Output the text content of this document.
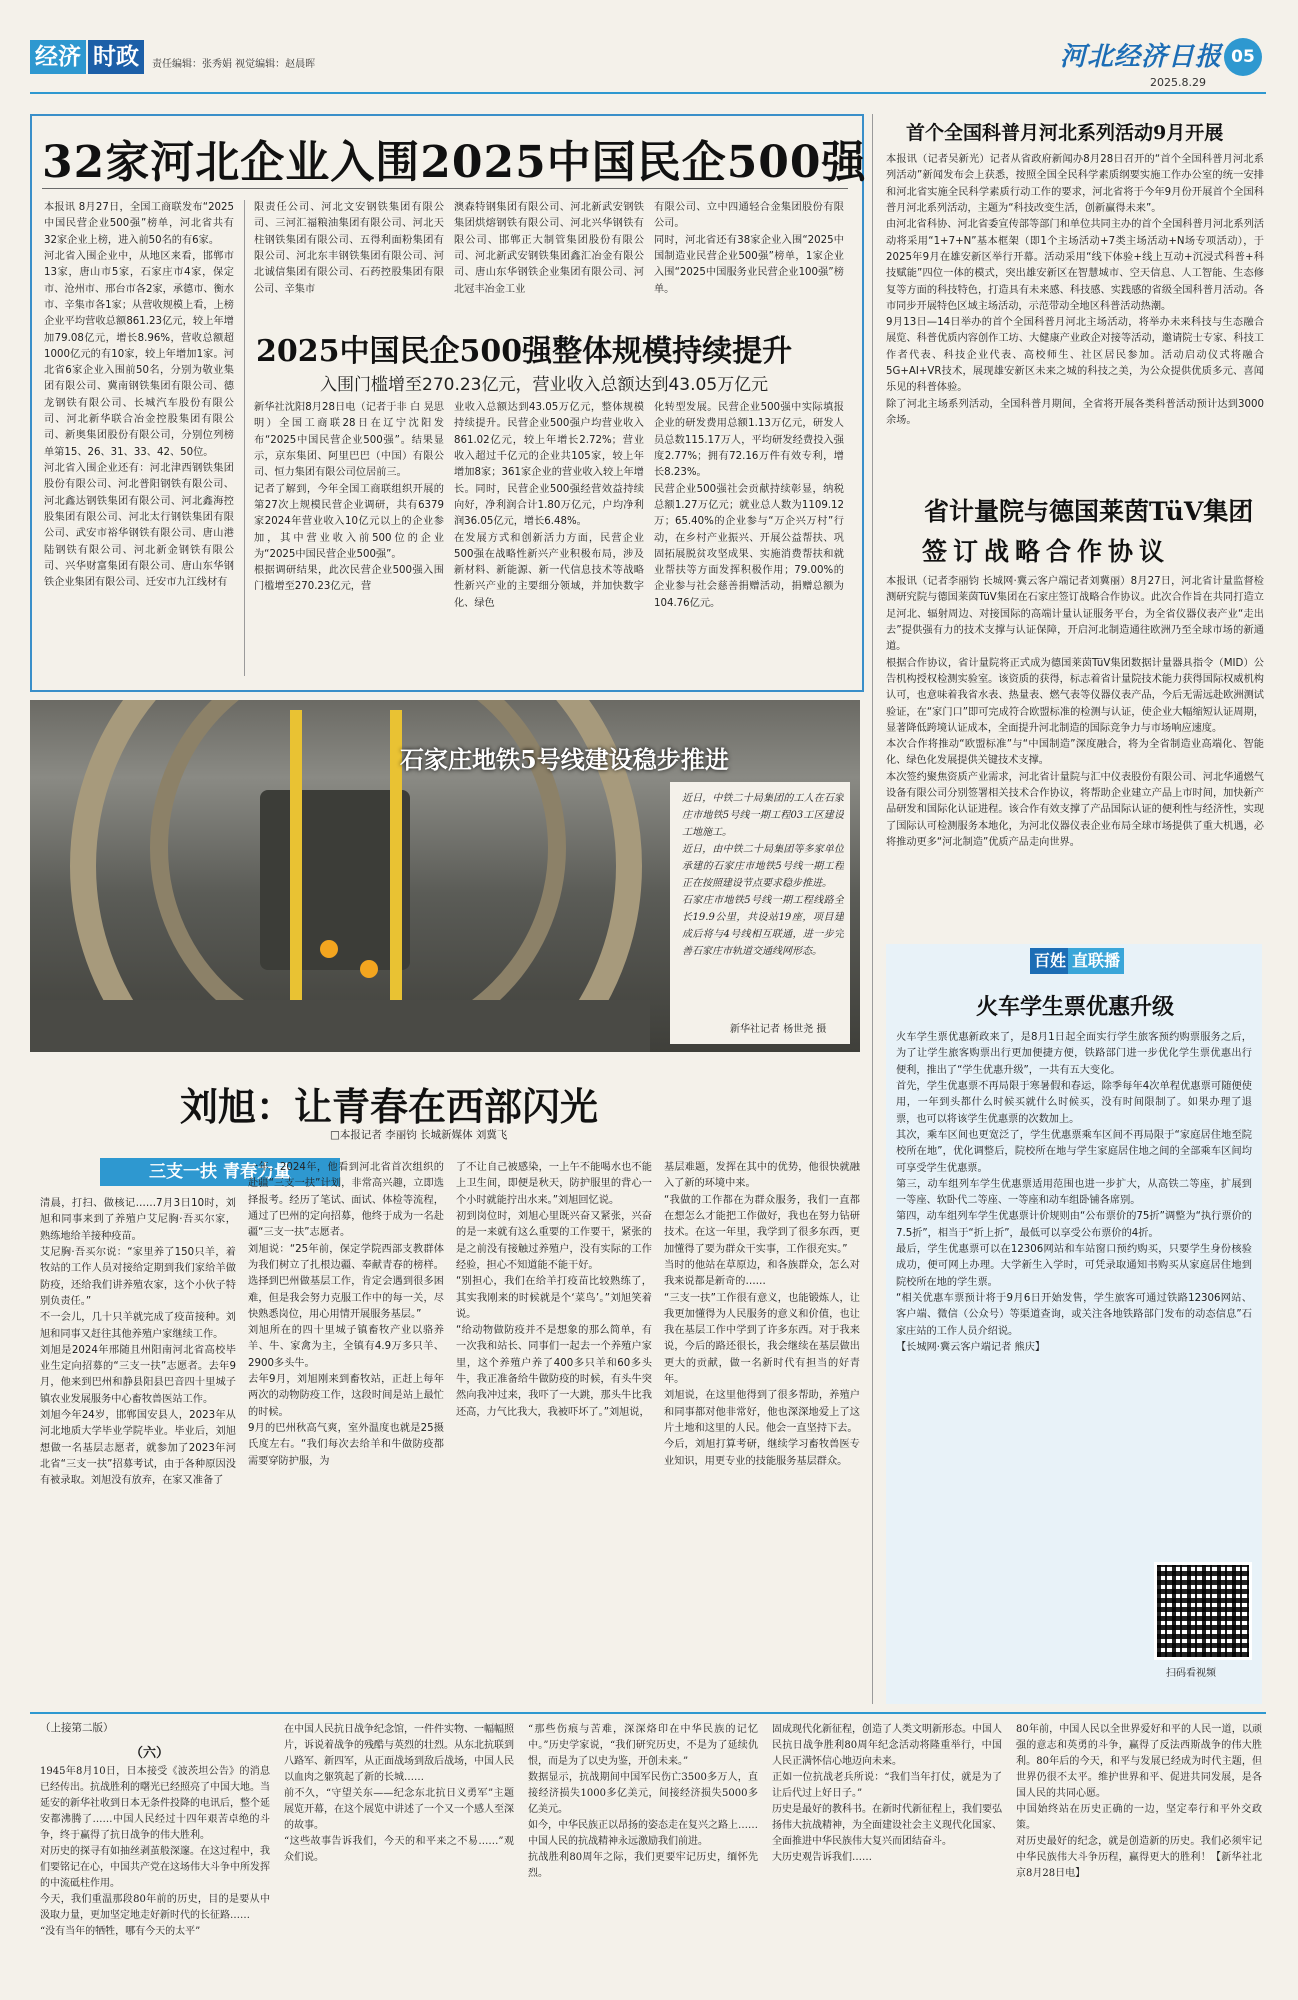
经济 时政	责任编辑：张秀娟 视觉编辑：赵晨晖	河北经济日报 05
2025.8.29
32家河北企业入围2025中国民企500强
本报讯 8月27日，全国工商联发布“2025中国民营企业500强”榜单，河北省共有32家企业上榜，进入前50名的有6家。
河北省入围企业中，从地区来看，邯郸市13家，唐山市5家，石家庄市4家，保定市、沧州市、邢台市各2家，承德市、衡水市、辛集市各1家；从营收规模上看，上榜企业平均营收总额861.23亿元，较上年增加79.08亿元，增长8.96%，营收总额超1000亿元的有10家，较上年增加1家。河北省6家企业入围前50名，分别为敬业集团有限公司、冀南钢铁集团有限公司、德龙钢铁有限公司、长城汽车股份有限公司、河北新华联合冶金控股集团有限公司、新奥集团股份有限公司，分别位列榜单第15、26、31、33、42、50位。
河北省入围企业还有：河北津西钢铁集团股份有限公司、河北普阳钢铁有限公司、河北鑫达钢铁集团有限公司、河北鑫海控股集团有限公司、河北太行钢铁集团有限公司、武安市裕华钢铁有限公司、唐山港陆钢铁有限公司、河北新金钢铁有限公司、兴华财富集团有限公司、唐山东华钢铁企业集团有限公司、迁安市九江线材有
限责任公司、河北文安钢铁集团有限公司、三河汇福粮油集团有限公司、河北天柱钢铁集团有限公司、五得利面粉集团有限公司、河北东丰钢铁集团有限公司、河北诚信集团有限公司、石药控股集团有限公司、辛集市
澳森特钢集团有限公司、河北新武安钢铁集团烘熔钢铁有限公司、河北兴华钢铁有限公司、邯郸正大制管集团股份有限公司、河北新武安钢铁集团鑫汇冶金有限公司、唐山东华钢铁企业集团有限公司、河北冠丰冶金工业
有限公司、立中四通轻合金集团股份有限公司。
同时，河北省还有38家企业入围“2025中国制造业民营企业500强”榜单，1家企业入围“2025中国服务业民营企业100强”榜单。
2025中国民企500强整体规模持续提升
入围门槛增至270.23亿元，营业收入总额达到43.05万亿元
新华社沈阳8月28日电（记者于非 白 晃思明）全国工商联28日在辽宁沈阳发布“2025中国民营企业500强”。结果显示，京东集团、阿里巴巴（中国）有限公司、恒力集团有限公司位居前三。
记者了解到，今年全国工商联组织开展的第27次上规模民营企业调研，共有6379家2024年营业收入10亿元以上的企业参加，其中营业收入前500位的企业为“2025中国民营企业500强”。
根据调研结果，此次民营企业500强入围门槛增至270.23亿元，营
业收入总额达到43.05万亿元，整体规模持续提升。民营企业500强户均营业收入861.02亿元，较上年增长2.72%；营业收入超过千亿元的企业共105家，较上年增加8家；361家企业的营业收入较上年增长。同时，民营企业500强经营效益持续向好，净利润合计1.80万亿元，户均净利润36.05亿元，增长6.48%。
在发展方式和创新活力方面，民营企业500强在战略性新兴产业积极布局，涉及新材料、新能源、新一代信息技术等战略性新兴产业的主要细分领域，并加快数字化、绿色
化转型发展。民营企业500强中实际填报企业的研发费用总额1.13万亿元，研发人员总数115.17万人，平均研发经费投入强度2.77%；拥有72.16万件有效专利，增长8.23%。
民营企业500强社会贡献持续彰显，纳税总额1.27万亿元；就业总人数为1109.12万；65.40%的企业参与“万企兴万村”行动，在乡村产业振兴、开展公益帮扶、巩固拓展脱贫攻坚成果、实施消费帮扶和就业帮扶等方面发挥积极作用；79.00%的企业参与社会慈善捐赠活动，捐赠总额为104.76亿元。
石家庄地铁5号线建设稳步推进
近日，中铁二十局集团的工人在石家庄市地铁5号线一期工程03工区建设工地施工。
近日，由中铁二十局集团等多家单位承建的石家庄市地铁5号线一期工程正在按照建设节点要求稳步推进。
石家庄市地铁5号线一期工程线路全长19.9公里，共设站19座，项目建成后将与4号线相互联通，进一步完善石家庄市轨道交通线网形态。
新华社记者 杨世尧 摄
刘旭：让青春在西部闪光
□本报记者 李丽钧 长城新媒体 刘冀飞
三支一扶 青春力量
清晨，打扫、做核记……7月3日10时，刘旭和同事来到了养殖户艾尼胸·吾买尔家，熟练地给羊接种疫苗。
艾尼胸·吾买尔说：“家里养了150只羊，着牧站的工作人员对接给定期到我们家给羊做防疫，还给我们讲养殖农家，这个小伙子特别负责任。”
不一会儿，几十只羊就完成了疫苗接种。刘旭和同事又赶往其他养殖户家继续工作。
刘旭是2024年邢随且州阳南河北省高校毕业生定向招募的“三支一扶”志愿者。去年9月，他来到巴州和静县阳县巴音四十里城子镇农业发展服务中心畜牧兽医站工作。
刘旭今年24岁，邯郸国安县人，2023年从河北地质大学毕业学院毕业。毕业后，刘旭想做一名基层志愿者，就参加了2023年河北省“三支一扶”招募考试，由于各种原因没有被录取。刘旭没有放弃，在家又准备了
一年。2024年，他看到河北省首次组织的赴疆“三支一扶”计划，非常高兴趣，立即选择报考。经历了笔试、面试、体检等流程，通过了巴州的定向招募，他终于成为一名赴疆“三支一扶”志愿者。
刘旭说：“25年前，保定学院西部支教群体为我们树立了扎根边疆、奉献青春的榜样。选择到巴州做基层工作，肯定会遇到很多困难，但是我会努力克服工作中的每一关，尽快熟悉岗位，用心用情开展服务基层。”
刘旭所在的四十里城子镇畜牧产业以骆养羊、牛、家禽为主，全镇有4.9万多只羊、2900多头牛。
去年9月，刘旭刚来到畜牧站，正赶上每年两次的动物防疫工作，这段时间是站上最忙的时候。
9月的巴州秋高气爽，室外温度也就是25摄氏度左右。“我们每次去给羊和牛做防疫都需要穿防护服，为
了不让自己被感染，一上午不能喝水也不能上卫生间，即便是秋天，防护服里的背心一个小时就能拧出水来。”刘旭回忆说。
初到岗位时，刘旭心里既兴奋又紧张，兴奋的是一来就有这么重要的工作要干，紧张的是之前没有接触过养殖户，没有实际的工作经验，担心不知道能不能干好。
“别担心，我们在给羊打疫苗比较熟练了，其实我刚来的时候就是个‘菜鸟’。”刘旭笑着说。
“给动物做防疫并不是想象的那么简单，有一次我和站长、同事们一起去一个养殖户家里，这个养殖户养了400多只羊和60多头牛，我正准备给牛做防疫的时候，有头牛突然向我冲过来，我吓了一大跳，那头牛比我还高，力气比我大，我被吓坏了。”刘旭说，
基层难题，发挥在其中的优势，他很快就融入了新的环境中来。
“我做的工作都在为群众服务，我们一直都在想怎么才能把工作做好，我也在努力钻研技术。在这一年里，我学到了很多东西，更加懂得了要为群众干实事，工作很充实。”
当时的他站在草原边，和各族群众，怎么对我来说都是新奇的……
“三支一扶”工作很有意义，也能锻炼人，让我更加懂得为人民服务的意义和价值，也让我在基层工作中学到了许多东西。对于我来说，今后的路还很长，我会继续在基层做出更大的贡献，做一名新时代有担当的好青年。
刘旭说，在这里他得到了很多帮助，养殖户和同事都对他非常好，他也深深地爱上了这片土地和这里的人民。他会一直坚持下去。
今后，刘旭打算考研，继续学习畜牧兽医专业知识，用更专业的技能服务基层群众。
首个全国科普月河北系列活动9月开展
本报讯（记者吴新光）记者从省政府新闻办8月28日召开的“首个全国科普月河北系列活动”新闻发布会上获悉，按照全国全民科学素质纲要实施工作办公室的统一安排和河北省实施全民科学素质行动工作的要求，河北省将于今年9月份开展首个全国科普月河北系列活动，主题为“科技改变生活，创新赢得未来”。
由河北省科协、河北省委宣传部等部门和单位共同主办的首个全国科普月河北系列活动将采用“1+7+N”基本框架（即1个主场活动+7类主场活动+N场专项活动），于2025年9月在雄安新区举行开幕。活动采用“线下体验+线上互动+沉浸式科普+科技赋能”四位一体的模式，突出雄安新区在智慧城市、空天信息、人工智能、生态修复等方面的科技特色，打造具有未来感、科技感、实践感的省级全国科普月活动。各市同步开展特色区域主场活动，示范带动全地区科普活动热潮。
9月13日—14日举办的首个全国科普月河北主场活动，将举办未来科技与生态融合展览、科普优质内容创作工坊、大健康产业政企对接等活动，邀请院士专家、科技工作者代表、科技企业代表、高校师生、社区居民参加。活动启动仪式将融合5G+AI+VR技术，展现雄安新区未来之城的科技之美，为公众提供优质多元、喜闻乐见的科普体验。
除了河北主场系列活动，全国科普月期间，全省将开展各类科普活动预计达到3000余场。
省计量院与德国莱茵TüV集团
签订战略合作协议
本报讯（记者李丽钧 长城网·冀云客户端记者刘冀丽）8月27日，河北省计量监督检测研究院与德国莱茵TüV集团在石家庄签订战略合作协议。此次合作旨在共同打造立足河北、辐射周边、对接国际的高端计量认证服务平台，为全省仪器仪表产业“走出去”提供强有力的技术支撑与认证保障，开启河北制造通往欧洲乃至全球市场的新通道。
根据合作协议，省计量院将正式成为德国莱茵TüV集团数据计量器具指令（MID）公告机构授权检测实验室。该资质的获得，标志着省计量院技术能力获得国际权威机构认可，也意味着我省水表、热量表、燃气表等仪器仪表产品，今后无需远赴欧洲测试验证，在“家门口”即可完成符合欧盟标准的检测与认证，使企业大幅缩短认证周期，显著降低跨境认证成本，全面提升河北制造的国际竞争力与市场响应速度。
本次合作将推动“欧盟标准”与“中国制造”深度融合，将为全省制造业高端化、智能化、绿色化发展提供关键技术支撑。
本次签约聚焦资质产业需求，河北省计量院与汇中仪表股份有限公司、河北华通燃气设备有限公司分别签署相关技术合作协议，将帮助企业建立产品上市时间，加快新产品研发和国际化认证进程。该合作有效支撑了产品国际认证的便利性与经济性，实现了国际认可检测服务本地化，为河北仪器仪表企业布局全球市场提供了重大机遇，必将推动更多“河北制造”优质产品走向世界。
百姓 直联播
火车学生票优惠升级
火车学生票优惠新政来了，是8月1日起全面实行学生旅客预约购票服务之后，为了让学生旅客购票出行更加便捷方便，铁路部门进一步优化学生票优惠出行便利，推出了“学生优惠升级”，一共有五大变化。
首先，学生优惠票不再局限于寒暑假和春运，除季每年4次单程优惠票可随便使用，一年到头都什么时候买就什么时候买，没有时间限制了。如果办理了退票，也可以将该学生优惠票的次数加上。
其次，乘车区间也更宽泛了，学生优惠票乘车区间不再局限于“家庭居住地至院校所在地”，优化调整后，院校所在地与学生家庭居住地之间的全部乘车区间均可享受学生优惠票。
第三，动车组列车学生优惠票适用范围也进一步扩大，从高铁二等座，扩展到一等座、软卧代二等座、一等座和动车组卧铺各席别。
第四，动车组列车学生优惠票计价规则由“公布票价的75折”调整为“执行票价的7.5折”，相当于“折上折”，最低可以享受公布票价的4折。
最后，学生优惠票可以在12306网站和车站窗口预约购买，只要学生身份核验成功，便可网上办理。大学新生入学时，可凭录取通知书购买从家庭居住地到院校所在地的学生票。
“相关优惠车票预计将于9月6日开始发售，学生旅客可通过铁路12306网站、客户端、微信（公众号）等渠道查询，或关注各地铁路部门发布的动态信息”石家庄站的工作人员介绍说。
【长城网·冀云客户端记者 熊庆】
扫码看视频
（上接第二版）
（六）
1945年8月10日，日本接受《波茨坦公告》的消息已经传出。抗战胜利的曙光已经照亮了中国大地。当延安的新华社收到日本无条件投降的电讯后，整个延安都沸腾了……中国人民经过十四年艰苦卓绝的斗争，终于赢得了抗日战争的伟大胜利。
对历史的探寻有如抽丝剥茧般深邃。在这过程中，我们要铭记在心，中国共产党在这场伟大斗争中所发挥的中流砥柱作用。
今天，我们重温那段80年前的历史，目的是要从中汲取力量，更加坚定地走好新时代的长征路……
“没有当年的牺牲，哪有今天的太平”
在中国人民抗日战争纪念馆，一件件实物、一幅幅照片，诉说着战争的残酷与英烈的壮烈。从东北抗联到八路军、新四军，从正面战场到敌后战场，中国人民以血肉之躯筑起了新的长城……
前不久，“守望关东——纪念东北抗日义勇军”主题展览开幕，在这个展览中讲述了一个又一个感人至深的故事。
“这些故事告诉我们，今天的和平来之不易……”观众们说。
“那些伤痕与苦难，深深烙印在中华民族的记忆中。”历史学家说，“我们研究历史，不是为了延续仇恨，而是为了以史为鉴，开创未来。”
数据显示，抗战期间中国军民伤亡3500多万人，直接经济损失1000多亿美元，间接经济损失5000多亿美元。
如今，中华民族正以昂扬的姿态走在复兴之路上……中国人民的抗战精神永远激励我们前进。
抗战胜利80周年之际，我们更要牢记历史，缅怀先烈。
固成现代化新征程，创造了人类文明新形态。中国人民抗日战争胜利80周年纪念活动将隆重举行，中国人民正满怀信心地迈向未来。
正如一位抗战老兵所说：“我们当年打仗，就是为了让后代过上好日子。”
历史是最好的教科书。在新时代新征程上，我们要弘扬伟大抗战精神，为全面建设社会主义现代化国家、全面推进中华民族伟大复兴而团结奋斗。
大历史观告诉我们……
80年前，中国人民以全世界爱好和平的人民一道，以顽强的意志和英勇的斗争，赢得了反法西斯战争的伟大胜利。80年后的今天，和平与发展已经成为时代主题，但世界仍很不太平。维护世界和平、促进共同发展，是各国人民的共同心愿。
中国始终站在历史正确的一边，坚定奉行和平外交政策。
对历史最好的纪念，就是创造新的历史。我们必须牢记中华民族伟大斗争历程，赢得更大的胜利！【新华社北京8月28日电】
